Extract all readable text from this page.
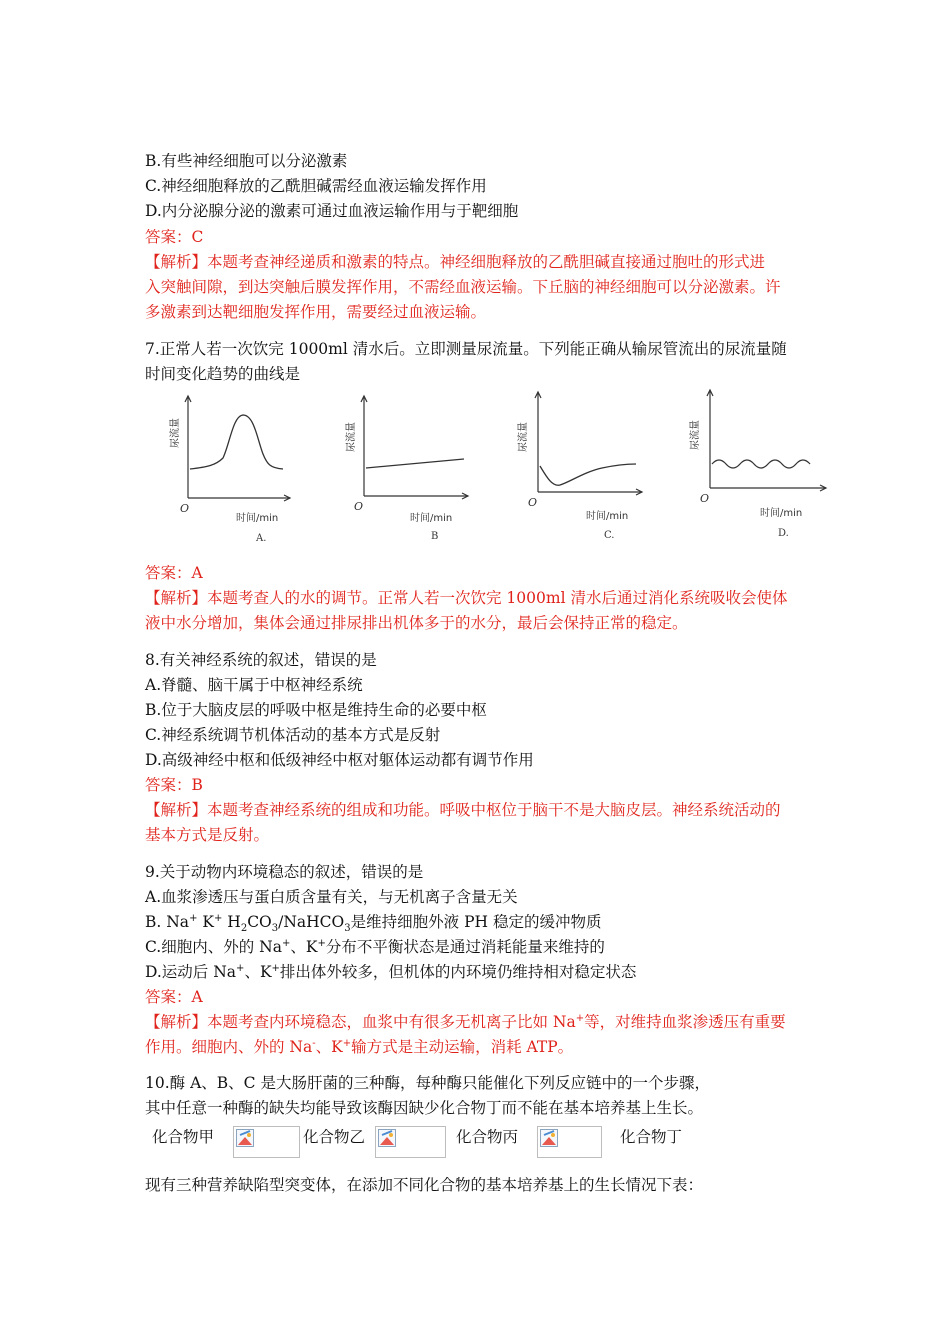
B.有些神经细胞可以分泌激素
C.神经细胞释放的乙酰胆碱需经血液运输发挥作用
D.内分泌腺分泌的激素可通过血液运输作用与于靶细胞
答案：C
【解析】本题考查神经递质和激素的特点。神经细胞释放的乙酰胆碱直接通过胞吐的形式进
入突触间隙，到达突触后膜发挥作用，不需经血液运输。下丘脑的神经细胞可以分泌激素。许
多激素到达靶细胞发挥作用，需要经过血液运输。
7.正常人若一次饮完 1000ml 清水后。立即测量尿流量。下列能正确从输尿管流出的尿流量随
时间变化趋势的曲线是
尿流量
O
时间/min
A.
尿流量
O
时间/min
B
尿流量
O
时间/min
C.
尿流量
O
时间/min
D.
答案：A
【解析】本题考查人的水的调节。正常人若一次饮完 1000ml 清水后通过消化系统吸收会使体
液中水分增加，集体会通过排尿排出机体多于的水分，最后会保持正常的稳定。
8.有关神经系统的叙述，错误的是
A.脊髓、脑干属于中枢神经系统
B.位于大脑皮层的呼吸中枢是维持生命的必要中枢
C.神经系统调节机体活动的基本方式是反射
D.高级神经中枢和低级神经中枢对躯体运动都有调节作用
答案：B
【解析】本题考查神经系统的组成和功能。呼吸中枢位于脑干不是大脑皮层。神经系统活动的
基本方式是反射。
9.关于动物内环境稳态的叙述，错误的是
A.血浆渗透压与蛋白质含量有关，与无机离子含量无关
B. Na+ K+ $H_2CO_3/NaHCO_3$是维持细胞外液 PH 稳定的缓冲物质
C.细胞内、外的 Na+、K+分布不平衡状态是通过消耗能量来维持的
D.运动后 Na+、K+排出体外较多，但机体的内环境仍维持相对稳定状态
答案：A
【解析】本题考查内环境稳态，血浆中有很多无机离子比如 Na+等，对维持血浆渗透压有重要
作用。细胞内、外的 Na-、K+输方式是主动运输，消耗 ATP。
10.酶 A、B、C 是大肠肝菌的三种酶，每种酶只能催化下列反应链中的一个步骤，
其中任意一种酶的缺失均能导致该酶因缺少化合物丁而不能在基本培养基上生长。
化合物甲	化合物乙	化合物丙	化合物丁
现有三种营养缺陷型突变体，在添加不同化合物的基本培养基上的生长情况下表：
